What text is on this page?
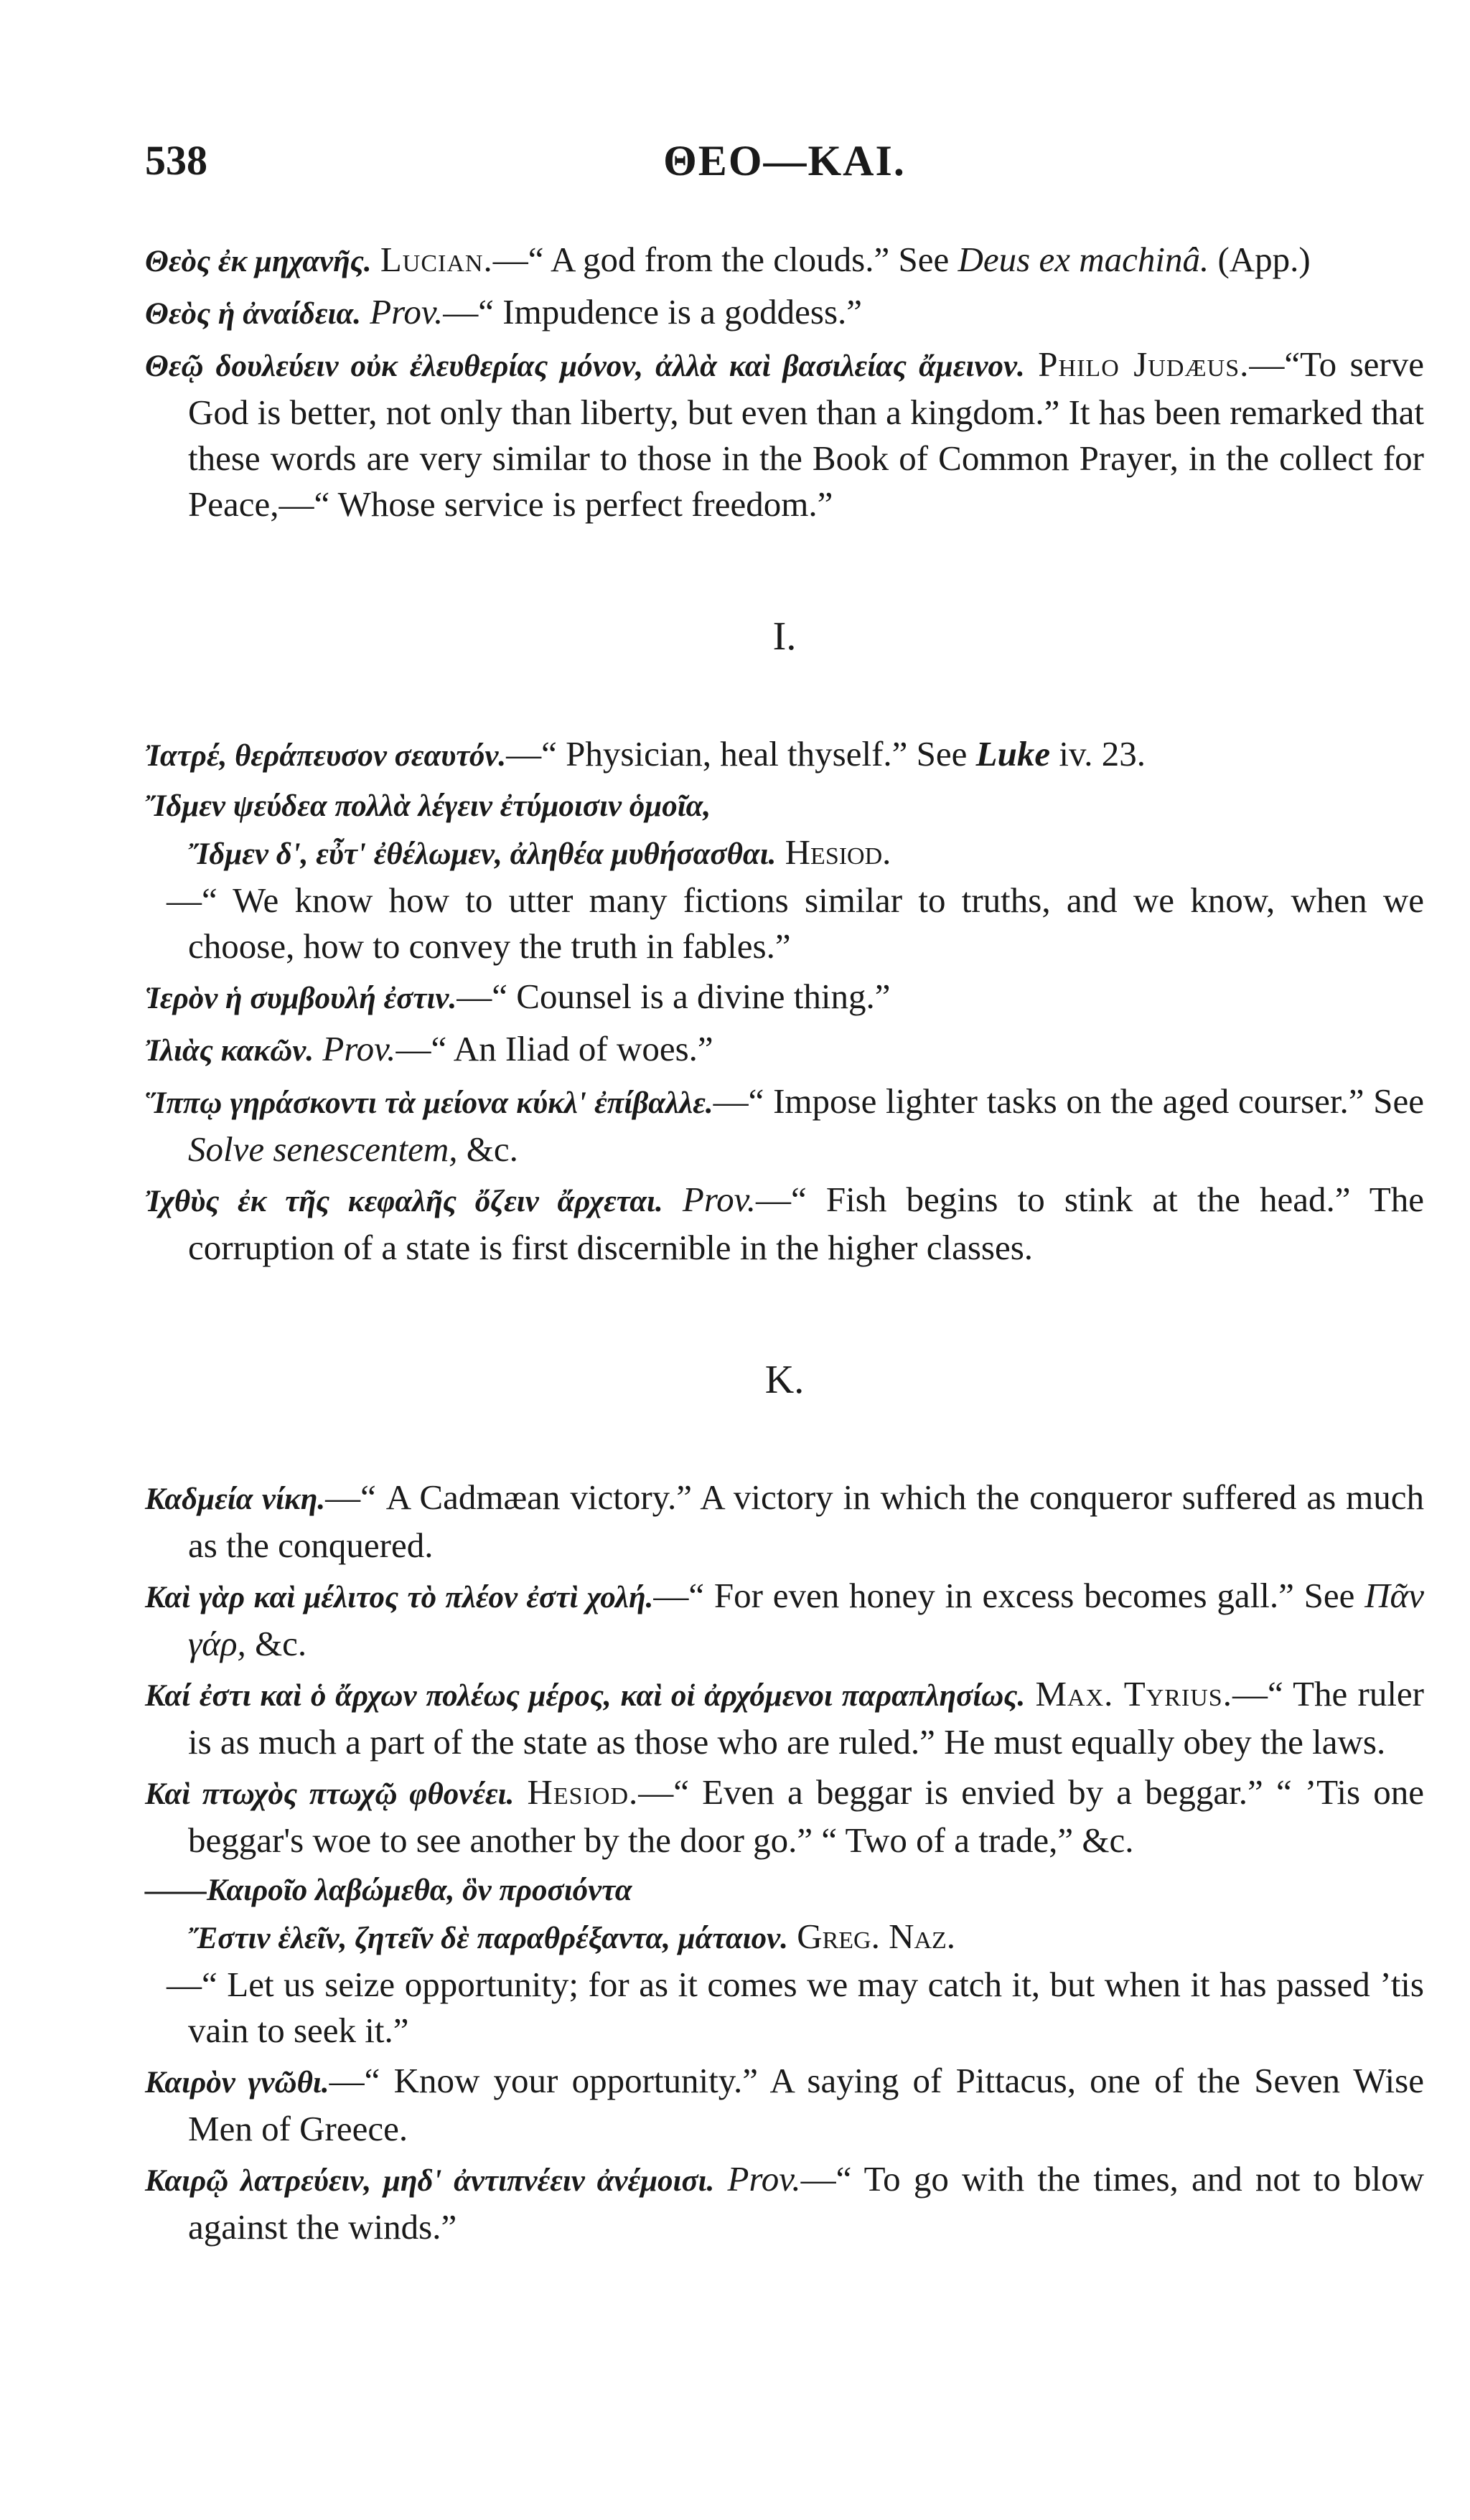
538	ΘΕΟ—ΚΑΙ.

Θεὸς ἐκ μηχανῆς. Lucian.—“ A god from the clouds.” See Deus ex machinâ. (App.)

Θεὸς ἡ ἀναίδεια. Prov.—“ Impudence is a goddess.”

Θεῷ δουλεύειν οὐκ ἐλευθερίας μόνον, ἀλλὰ καὶ βασιλείας ἄμεινον. Philo Judæus.—“To serve God is better, not only than liberty, but even than a kingdom.” It has been remarked that these words are very similar to those in the Book of Common Prayer, in the collect for Peace,—“ Whose service is perfect freedom.”

I.

Ἰατρέ, θεράπευσον σεαυτόν.—“ Physician, heal thyself.” See Luke iv. 23.

Ἴδμεν ψεύδεα πολλὰ λέγειν ἐτύμοισιν ὁμοῖα,
Ἴδμεν δ', εὖτ' ἐθέλωμεν, ἀληθέα μυθήσασθαι. Hesiod.
—“ We know how to utter many fictions similar to truths, and we know, when we choose, how to convey the truth in fables.”

Ἱερὸν ἡ συμβουλή ἐστιν.—“ Counsel is a divine thing.”

Ἰλιὰς κακῶν. Prov.—“ An Iliad of woes.”

Ἵππῳ γηράσκοντι τὰ μείονα κύκλ' ἐπίβαλλε.—“ Impose lighter tasks on the aged courser.” See Solve senescentem, &c.

Ἰχθὺς ἐκ τῆς κεφαλῆς ὄζειν ἄρχεται. Prov.—“ Fish begins to stink at the head.” The corruption of a state is first discernible in the higher classes.

K.

Καδμεία νίκη.—“ A Cadmæan victory.” A victory in which the conqueror suffered as much as the conquered.

Καὶ γὰρ καὶ μέλιτος τὸ πλέον ἐστὶ χολή.—“ For even honey in excess becomes gall.” See Πᾶν γάρ, &c.

Καί ἐστι καὶ ὁ ἄρχων πολέως μέρος, καὶ οἱ ἀρχόμενοι παραπλησίως. Max. Tyrius.—“ The ruler is as much a part of the state as those who are ruled.” He must equally obey the laws.

Καὶ πτωχὸς πτωχῷ φθονέει. Hesiod.—“ Even a beggar is envied by a beggar.” “ ’Tis one beggar's woe to see another by the door go.” “ Two of a trade,” &c.

——Καιροῖο λαβώμεθα, ὃν προσιόντα
Ἔστιν ἑλεῖν, ζητεῖν δὲ παραθρέξαντα, μάταιον. Greg. Naz.
—“ Let us seize opportunity; for as it comes we may catch it, but when it has passed ’tis vain to seek it.”

Καιρὸν γνῶθι.—“ Know your opportunity.” A saying of Pittacus, one of the Seven Wise Men of Greece.

Καιρῷ λατρεύειν, μηδ' ἀντιπνέειν ἀνέμοισι. Prov.—“ To go with the times, and not to blow against the winds.”
